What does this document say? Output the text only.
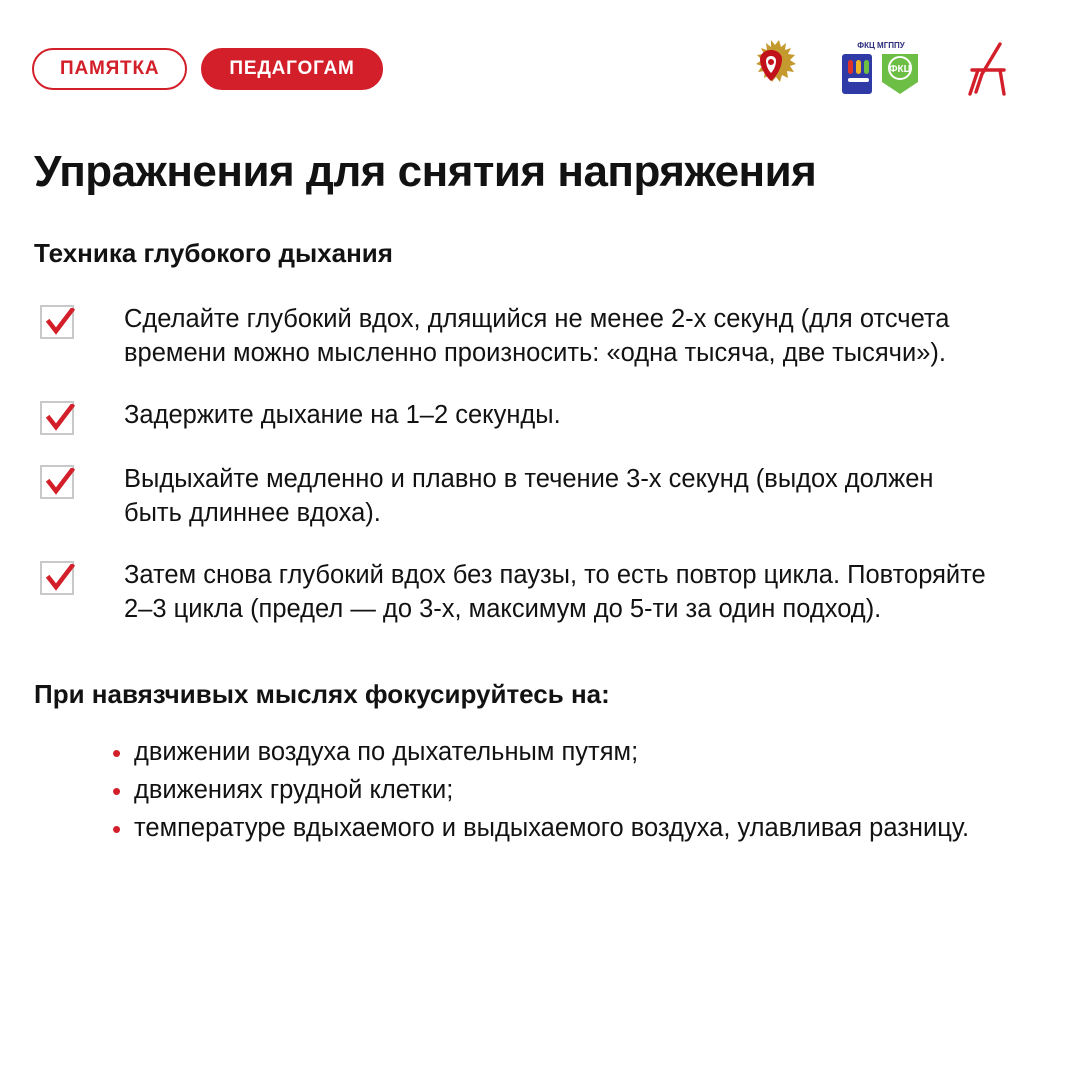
ПАМЯТКА	ПЕДАГОГАМ
ФКЦ МГППУ
ФКЦ
Упражнения для снятия напряжения
Техника глубокого дыхания
Сделайте глубокий вдох, длящийся не менее 2-х секунд (для отсчета времени можно мысленно произносить: «одна тысяча, две тысячи»).
Задержите дыхание на 1–2 секунды.
Выдыхайте медленно и плавно в течение 3-х секунд (выдох должен быть длиннее вдоха).
Затем снова глубокий вдох без паузы, то есть повтор цикла. Повторяйте 2–3 цикла (предел — до 3-х, максимум до 5-ти за один подход).
При навязчивых мыслях фокусируйтесь на:
• движении воздуха по дыхательным путям;
• движениях грудной клетки;
• температуре вдыхаемого и выдыхаемого воздуха, улавливая разницу.
